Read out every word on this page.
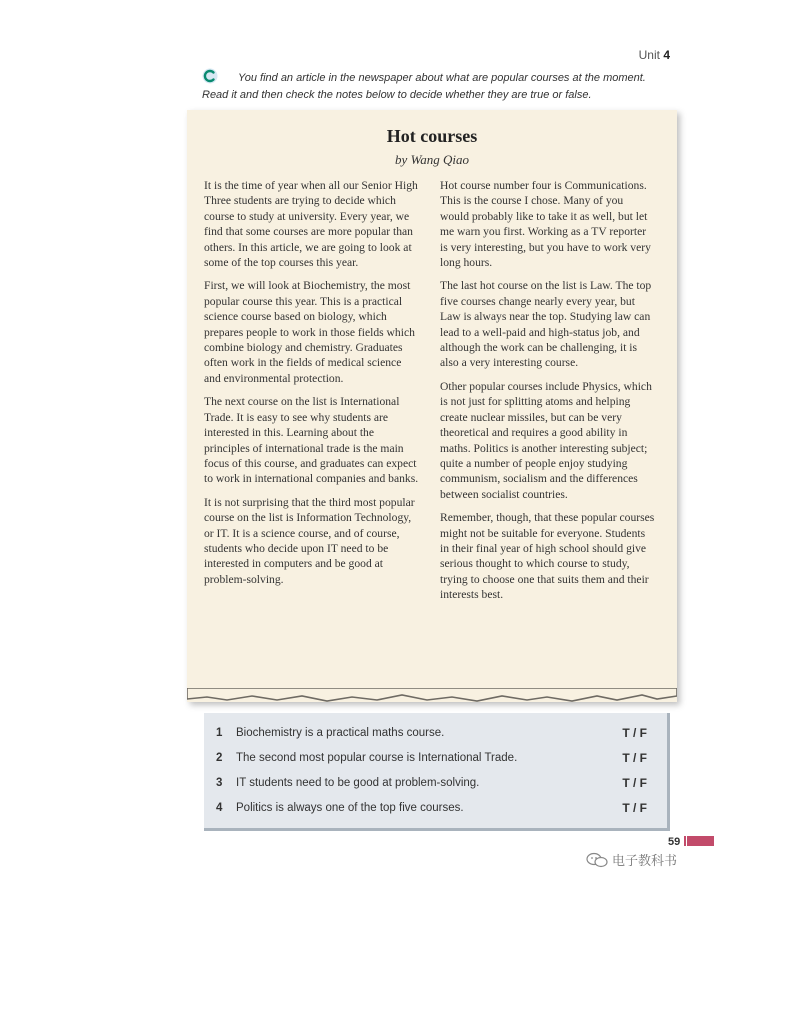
Unit 4
You find an article in the newspaper about what are popular courses at the moment. Read it and then check the notes below to decide whether they are true or false.
Hot courses
by Wang Qiao

It is the time of year when all our Senior High Three students are trying to decide which course to study at university. Every year, we find that some courses are more popular than others. In this article, we are going to look at some of the top courses this year.

First, we will look at Biochemistry, the most popular course this year. This is a practical science course based on biology, which prepares people to work in those fields which combine biology and chemistry. Graduates often work in the fields of medical science and environmental protection.

The next course on the list is International Trade. It is easy to see why students are interested in this. Learning about the principles of international trade is the main focus of this course, and graduates can expect to work in international companies and banks.

It is not surprising that the third most popular course on the list is Information Technology, or IT. It is a science course, and of course, students who decide upon IT need to be interested in computers and be good at problem-solving.

Hot course number four is Communications. This is the course I chose. Many of you would probably like to take it as well, but let me warn you first. Working as a TV reporter is very interesting, but you have to work very long hours.

The last hot course on the list is Law. The top five courses change nearly every year, but Law is always near the top. Studying law can lead to a well-paid and high-status job, and although the work can be challenging, it is also a very interesting course.

Other popular courses include Physics, which is not just for splitting atoms and helping create nuclear missiles, but can be very theoretical and requires a good ability in maths. Politics is another interesting subject; quite a number of people enjoy studying communism, socialism and the differences between socialist countries.

Remember, though, that these popular courses might not be suitable for everyone. Students in their final year of high school should give serious thought to which course to study, trying to choose one that suits them and their interests best.

1 Biochemistry is a practical maths course.	T / F
2 The second most popular course is International Trade.	T / F
3 IT students need to be good at problem-solving.	T / F
4 Politics is always one of the top five courses.	T / F
59
电子教科书
